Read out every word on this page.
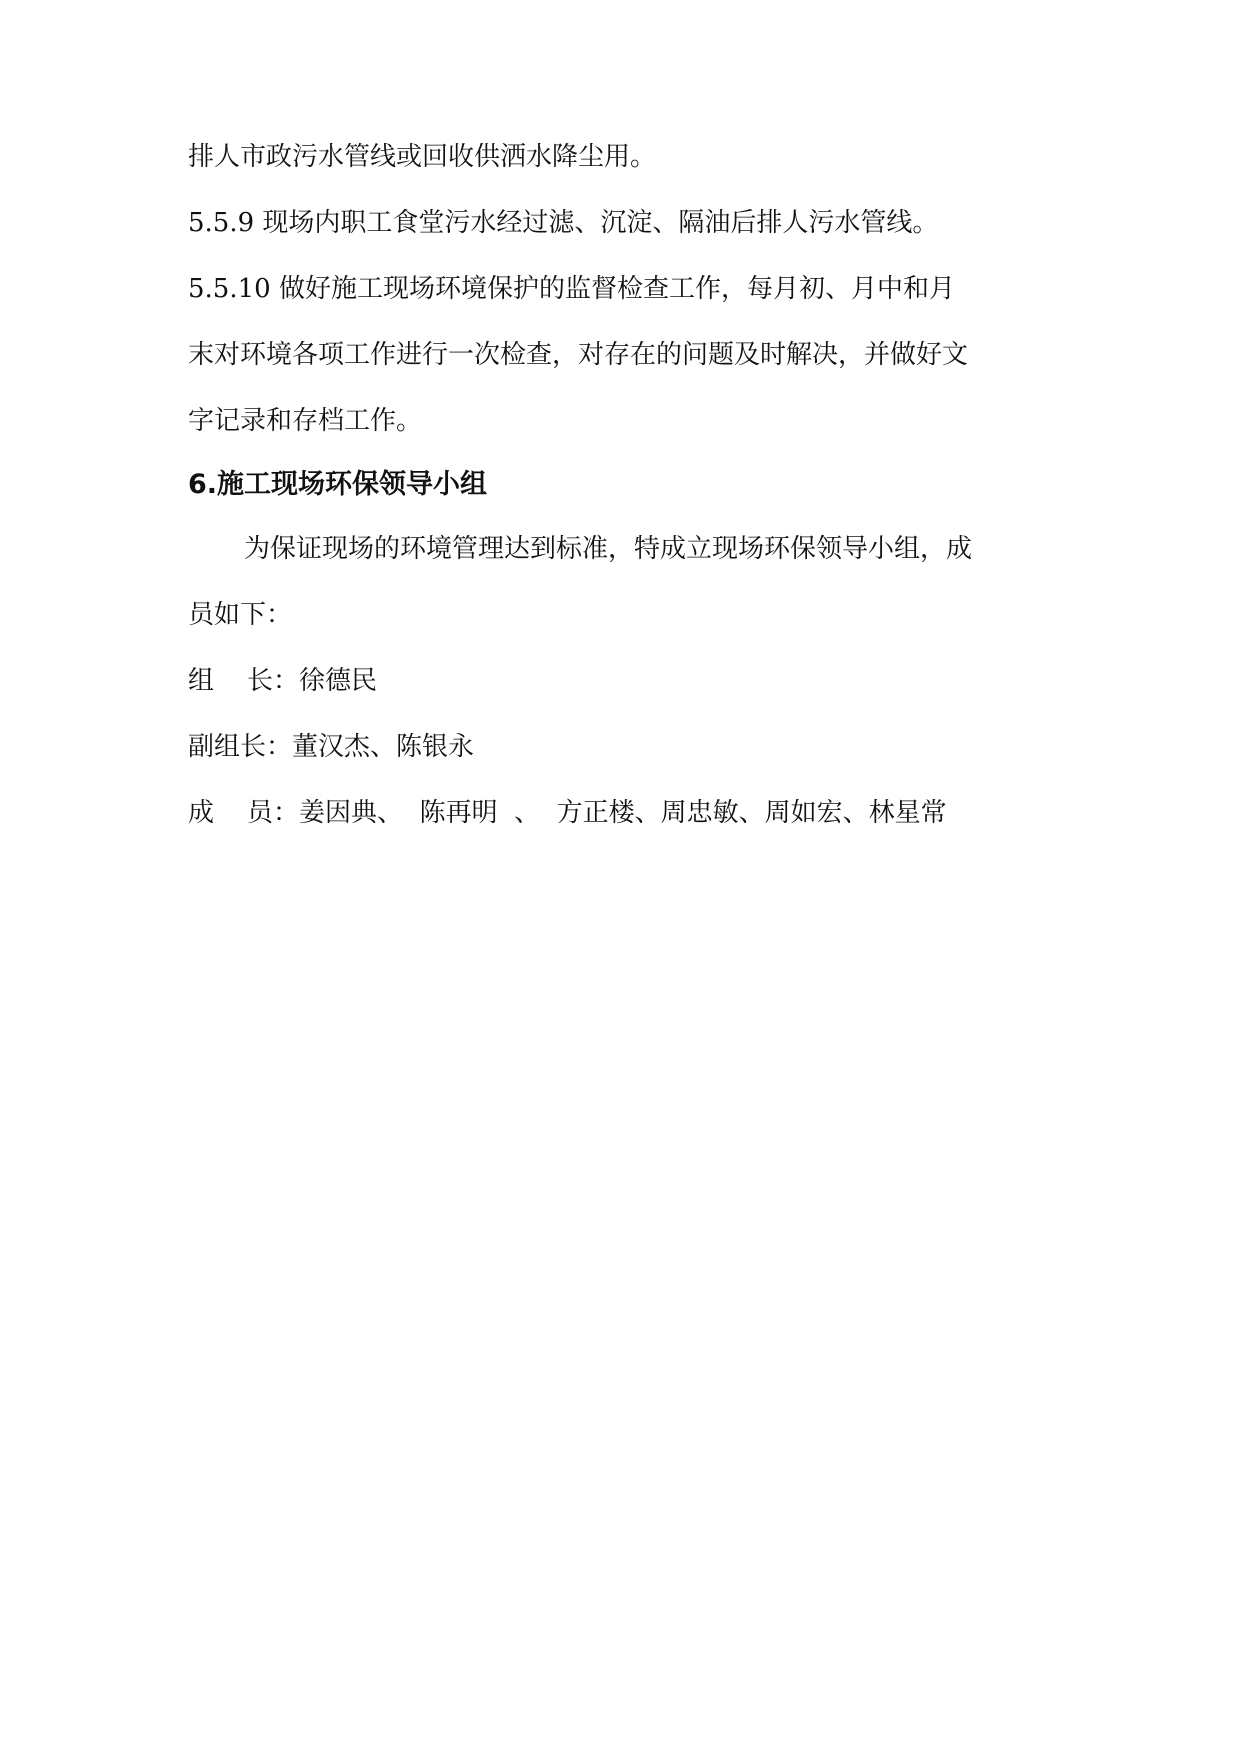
排人市政污水管线或回收供洒水降尘用。
5.5.9 现场内职工食堂污水经过滤、沉淀、隔油后排人污水管线。
5.5.10 做好施工现场环境保护的监督检查工作，每月初、月中和月
末对环境各项工作进行一次检查，对存在的问题及时解决，并做好文
字记录和存档工作。
6.施工现场环保领导小组
为保证现场的环境管理达到标准，特成立现场环保领导小组，成
员如下：
组    长：徐德民
副组长：董汉杰、陈银永
成    员：姜因典、  陈再明  、  方正楼、周忠敏、周如宏、林星常
